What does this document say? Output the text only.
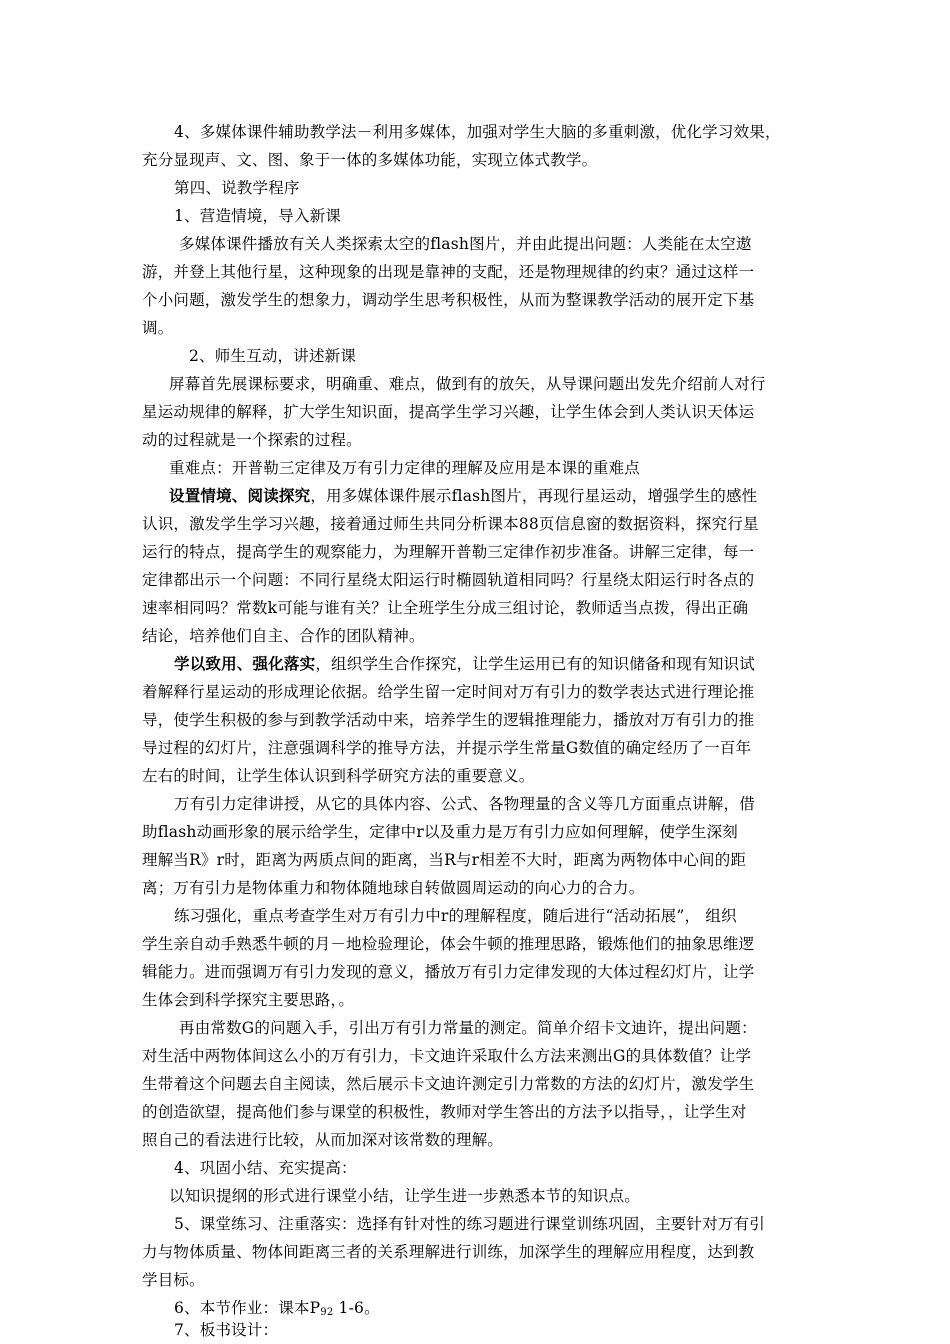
4、多媒体课件辅助教学法－利用多媒体，加强对学生大脑的多重刺激，优化学习效果，
充分显现声、文、图、象于一体的多媒体功能，实现立体式教学。
第四、说教学程序
1、营造情境，导入新课
多媒体课件播放有关人类探索太空的flash图片，并由此提出问题：人类能在太空遨
游，并登上其他行星，这种现象的出现是靠神的支配，还是物理规律的约束？通过这样一
个小问题，激发学生的想象力，调动学生思考积极性，从而为整课教学活动的展开定下基
调。
2、师生互动，讲述新课
屏幕首先展课标要求，明确重、难点，做到有的放矢，从导课问题出发先介绍前人对行
星运动规律的解释，扩大学生知识面，提高学生学习兴趣，让学生体会到人类认识天体运
动的过程就是一个探索的过程。
重难点：开普勒三定律及万有引力定律的理解及应用是本课的重难点
设置情境、阅读探究，用多媒体课件展示flash图片，再现行星运动，增强学生的感性
认识，激发学生学习兴趣，接着通过师生共同分析课本88页信息窗的数据资料，探究行星
运行的特点，提高学生的观察能力，为理解开普勒三定律作初步准备。讲解三定律，每一
定律都出示一个问题：不同行星绕太阳运行时椭圆轨道相同吗？行星绕太阳运行时各点的
速率相同吗？常数k可能与谁有关？让全班学生分成三组讨论，教师适当点拨，得出正确
结论，培养他们自主、合作的团队精神。
学以致用、强化落实，组织学生合作探究，让学生运用已有的知识储备和现有知识试
着解释行星运动的形成理论依据。给学生留一定时间对万有引力的数学表达式进行理论推
导，使学生积极的参与到教学活动中来，培养学生的逻辑推理能力，播放对万有引力的推
导过程的幻灯片，注意强调科学的推导方法，并提示学生常量G数值的确定经历了一百年
左右的时间，让学生体认识到科学研究方法的重要意义。
万有引力定律讲授，从它的具体内容、公式、各物理量的含义等几方面重点讲解，借
助flash动画形象的展示给学生，定律中r以及重力是万有引力应如何理解，使学生深刻
理解当R》r时，距离为两质点间的距离，当R与r相差不大时，距离为两物体中心间的距
离；万有引力是物体重力和物体随地球自转做圆周运动的向心力的合力。
练习强化，重点考查学生对万有引力中r的理解程度，随后进行“活动拓展”， 组织
学生亲自动手熟悉牛顿的月－地检验理论，体会牛顿的推理思路，锻炼他们的抽象思维逻
辑能力。进而强调万有引力发现的意义，播放万有引力定律发现的大体过程幻灯片，让学
生体会到科学探究主要思路，。
再由常数G的问题入手，引出万有引力常量的测定。简单介绍卡文迪许，提出问题：
对生活中两物体间这么小的万有引力，卡文迪许采取什么方法来测出G的具体数值？让学
生带着这个问题去自主阅读，然后展示卡文迪许测定引力常数的方法的幻灯片，激发学生
的创造欲望，提高他们参与课堂的积极性，教师对学生答出的方法予以指导，，让学生对
照自己的看法进行比较，从而加深对该常数的理解。
4、巩固小结、充实提高：
以知识提纲的形式进行课堂小结，让学生进一步熟悉本节的知识点。
5、课堂练习、注重落实：选择有针对性的练习题进行课堂训练巩固，主要针对万有引
力与物体质量、物体间距离三者的关系理解进行训练，加深学生的理解应用程度，达到教
学目标。
6、本节作业：课本$P_{92}$ 1-6。
7、板书设计：
